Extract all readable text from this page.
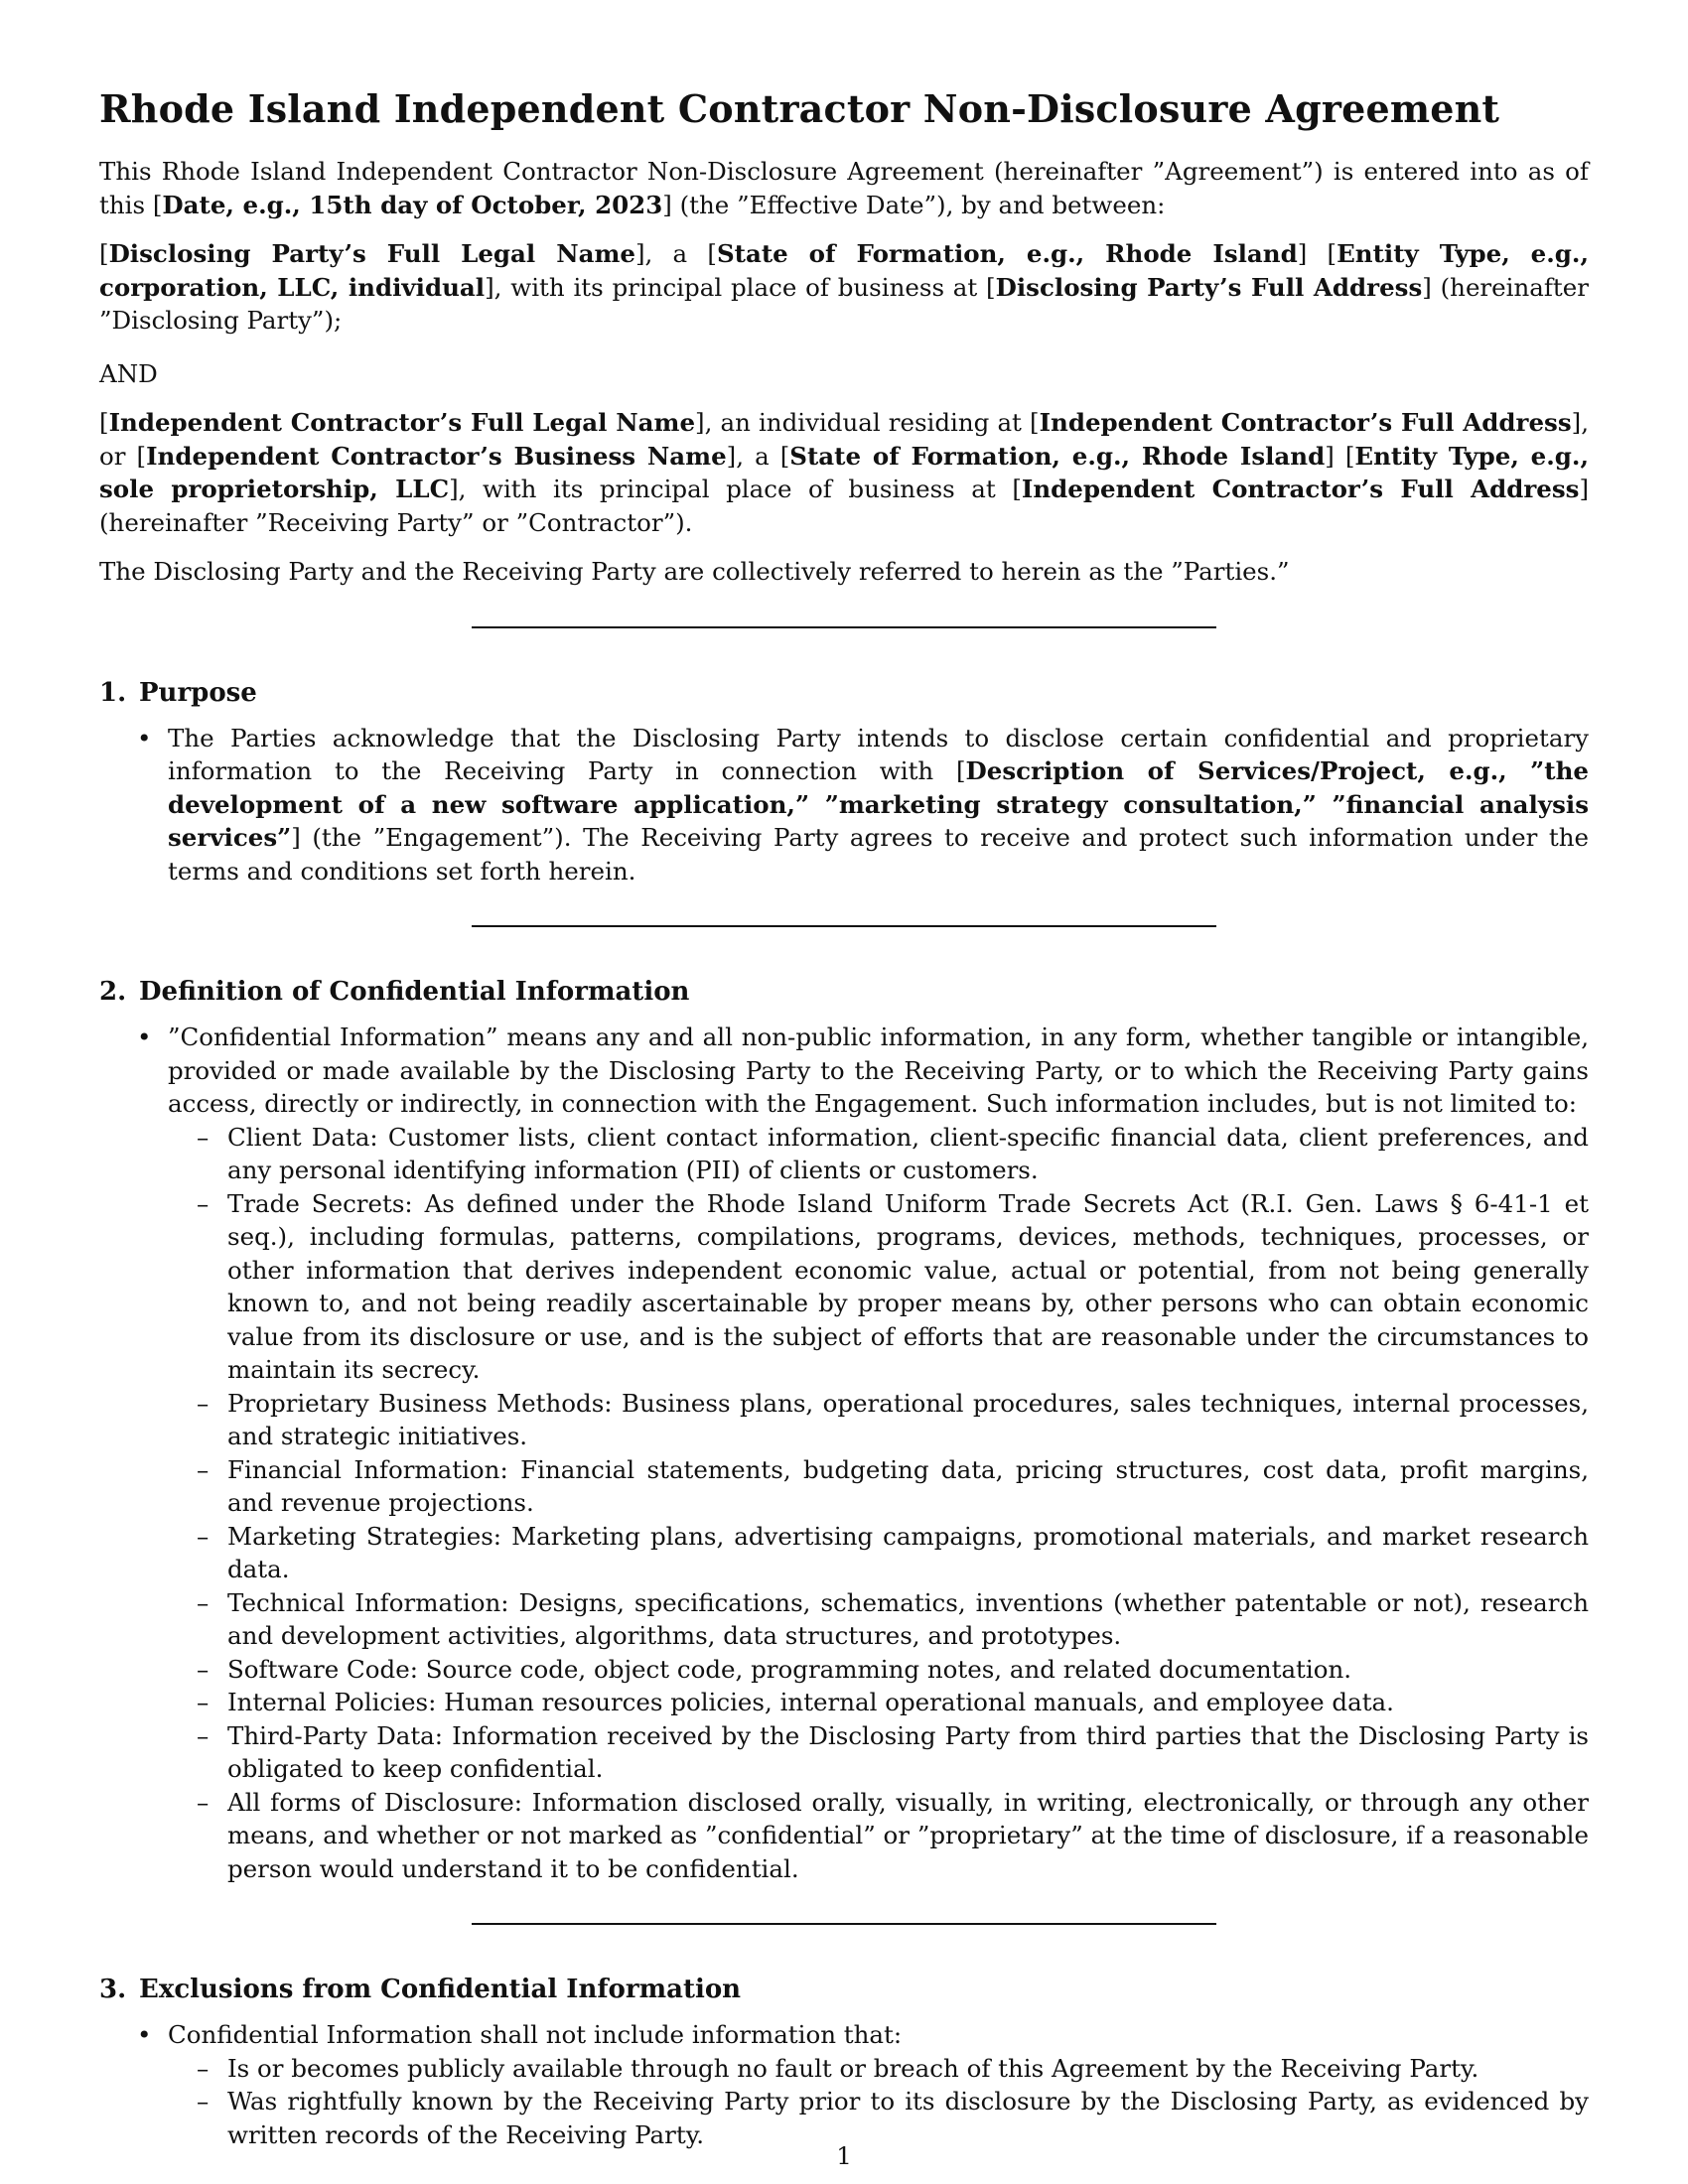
Rhode Island Independent Contractor Non-Disclosure Agreement

This Rhode Island Independent Contractor Non-Disclosure Agreement (hereinafter ”Agreement”) is entered into as of this [Date, e.g., 15th day of October, 2023] (the ”Effective Date”), by and between:

[Disclosing Party’s Full Legal Name], a [State of Formation, e.g., Rhode Island] [Entity Type, e.g., corporation, LLC, individual], with its principal place of business at [Disclosing Party’s Full Address] (hereinafter ”Disclosing Party”);

AND

[Independent Contractor’s Full Legal Name], an individual residing at [Independent Contractor’s Full Address], or [Independent Contractor’s Business Name], a [State of Formation, e.g., Rhode Island] [Entity Type, e.g., sole proprietorship, LLC], with its principal place of business at [Independent Contractor’s Full Address] (hereinafter ”Receiving Party” or ”Contractor”).

The Disclosing Party and the Receiving Party are collectively referred to herein as the ”Parties.”

1. Purpose
• The Parties acknowledge that the Disclosing Party intends to disclose certain confidential and proprietary information to the Receiving Party in connection with [Description of Services/Project, e.g., ”the development of a new software application,” ”marketing strategy consultation,” ”financial analysis services”] (the ”Engagement”). The Receiving Party agrees to receive and protect such information under the terms and conditions set forth herein.
2. Definition of Confidential Information
• ”Confidential Information” means any and all non-public information, in any form, whether tangible or intangible, provided or made available by the Disclosing Party to the Receiving Party, or to which the Receiving Party gains access, directly or indirectly, in connection with the Engagement. Such information includes, but is not limited to:
– Client Data: Customer lists, client contact information, client-specific financial data, client preferences, and any personal identifying information (PII) of clients or customers.
– Trade Secrets: As defined under the Rhode Island Uniform Trade Secrets Act (R.I. Gen. Laws § 6-41-1 et seq.), including formulas, patterns, compilations, programs, devices, methods, techniques, processes, or other information that derives independent economic value, actual or potential, from not being generally known to, and not being readily ascertainable by proper means by, other persons who can obtain economic value from its disclosure or use, and is the subject of efforts that are reasonable under the circumstances to maintain its secrecy.
– Proprietary Business Methods: Business plans, operational procedures, sales techniques, internal processes, and strategic initiatives.
– Financial Information: Financial statements, budgeting data, pricing structures, cost data, profit margins, and revenue projections.
– Marketing Strategies: Marketing plans, advertising campaigns, promotional materials, and market research data.
– Technical Information: Designs, specifications, schematics, inventions (whether patentable or not), research and development activities, algorithms, data structures, and prototypes.
– Software Code: Source code, object code, programming notes, and related documentation.
– Internal Policies: Human resources policies, internal operational manuals, and employee data.
– Third-Party Data: Information received by the Disclosing Party from third parties that the Disclosing Party is obligated to keep confidential.
– All forms of Disclosure: Information disclosed orally, visually, in writing, electronically, or through any other means, and whether or not marked as ”confidential” or ”proprietary” at the time of disclosure, if a reasonable person would understand it to be confidential.
3. Exclusions from Confidential Information
• Confidential Information shall not include information that:
– Is or becomes publicly available through no fault or breach of this Agreement by the Receiving Party.
– Was rightfully known by the Receiving Party prior to its disclosure by the Disclosing Party, as evidenced by written records of the Receiving Party.
1
